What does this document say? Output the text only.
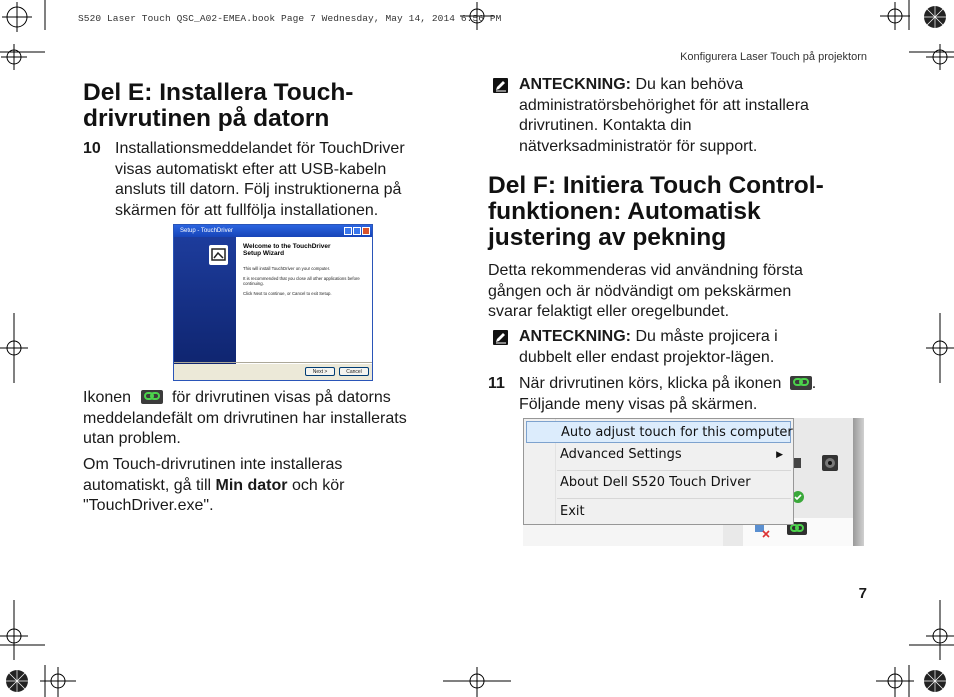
S520 Laser Touch QSC_A02-EMEA.book Page 7 Wednesday, May 14, 2014 6:56 PM
Konfigurera Laser Touch på projektorn
7
Del E: Installera Touch-
drivrutinen på datorn
10 Installationsmeddelandet för TouchDriver

visas automatiskt efter att USB-kabeln

ansluts till datorn. Följ instruktionerna på

skärmen för att fullfölja installationen.

Setup - TouchDriver
Welcome to the TouchDriver
Setup Wizard
This will install TouchDriver on your computer.
It is recommended that you close all other applications before continuing.
Click Next to continue, or Cancel to exit Setup.
Next >	Cancel

Ikonen	för drivrutinen visas på datorns

meddelandefält om drivrutinen har installerats

utan problem.

Om Touch-drivrutinen inte installeras

automatiskt, gå till Min dator och kör

"TouchDriver.exe".

ANTECKNING: Du kan behöva

administratörsbehörighet för att installera

drivrutinen. Kontakta din

nätverksadministratör för support.

Del F: Initiera Touch Control-
funktionen: Automatisk
justering av pekning

Detta rekommenderas vid användning första

gången och är nödvändigt om pekskärmen

svarar felaktigt eller oregelbundet.

ANTECKNING: Du måste projicera i

dubbelt eller endast projektor-lägen.

11 När drivrutinen körs, klicka på ikonen .

Följande meny visas på skärmen.

Auto adjust touch for this computer
Advanced Settings	▶
About Dell S520 Touch Driver
Exit
